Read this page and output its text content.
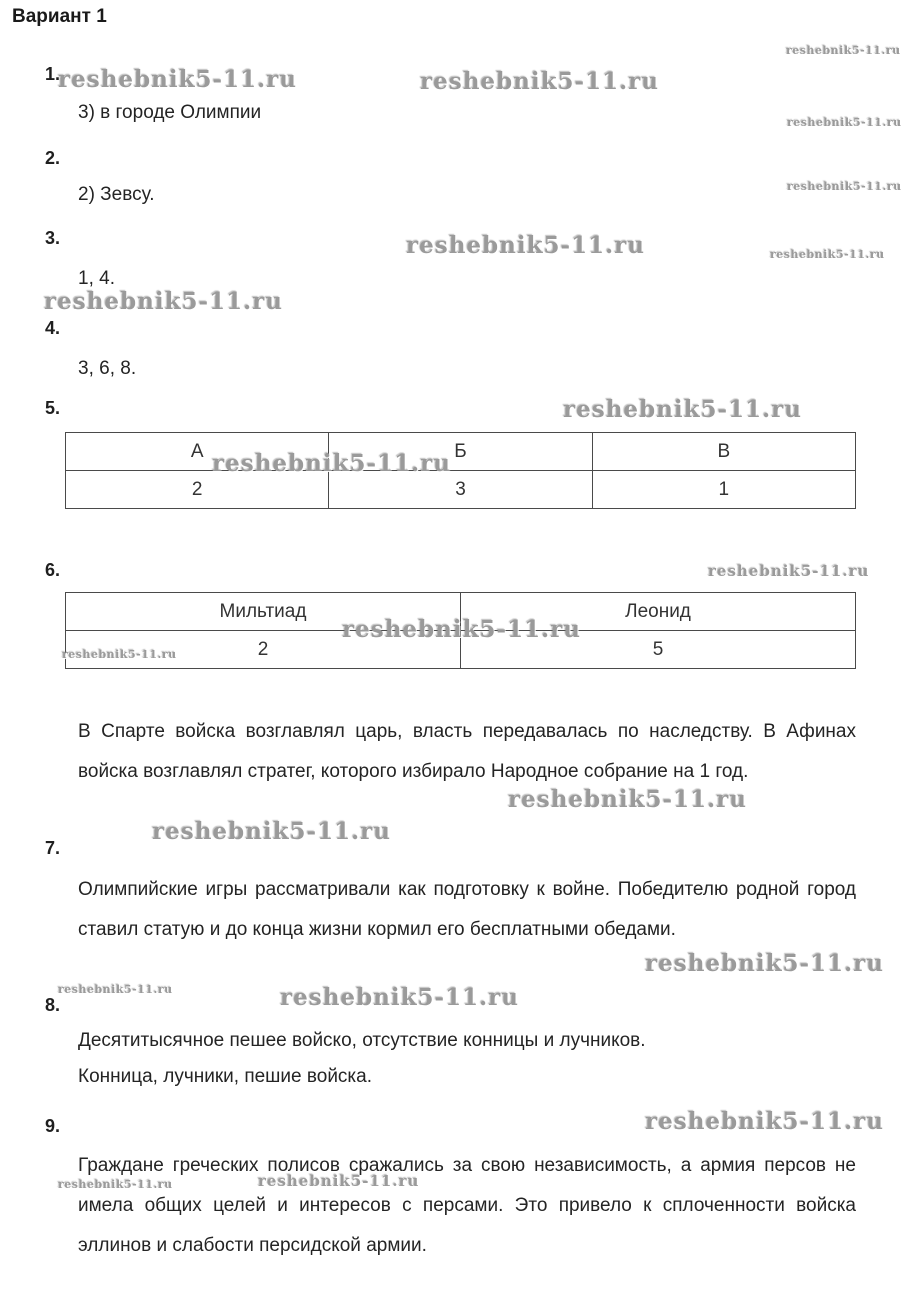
Вариант 1
1.
3) в городе Олимпии
2.
2) Зевсу.
3.
1, 4.
4.
3, 6, 8.
5.
А	Б	В
2	3	1
6.
Мильтиад	Леонид
2	5
В Спарте войска возглавлял царь, власть передавалась по наследству. В Афинах войска возглавлял стратег, которого избирало Народное собрание на 1 год.
7.
Олимпийские игры рассматривали как подготовку к войне. Победителю родной город ставил статую и до конца жизни кормил его бесплатными обедами.
8.
Десятитысячное пешее войско, отсутствие конницы и лучников.
Конница, лучники, пешие войска.
9.
Граждане греческих полисов сражались за свою независимость, а армия персов не имела общих целей и интересов с персами. Это привело к сплоченности войска эллинов и слабости персидской армии.
reshebnik5-11.ru
reshebnik5-11.ru	reshebnik5-11.ru
reshebnik5-11.ru
reshebnik5-11.ru
reshebnik5-11.ru	reshebnik5-11.ru
reshebnik5-11.ru
reshebnik5-11.ru
reshebnik5-11.ru
reshebnik5-11.ru
reshebnik5-11.ru
reshebnik5-11.ru
reshebnik5-11.ru
reshebnik5-11.ru
reshebnik5-11.ru
reshebnik5-11.ru	reshebnik5-11.ru
reshebnik5-11.ru
reshebnik5-11.ru	reshebnik5-11.ru
